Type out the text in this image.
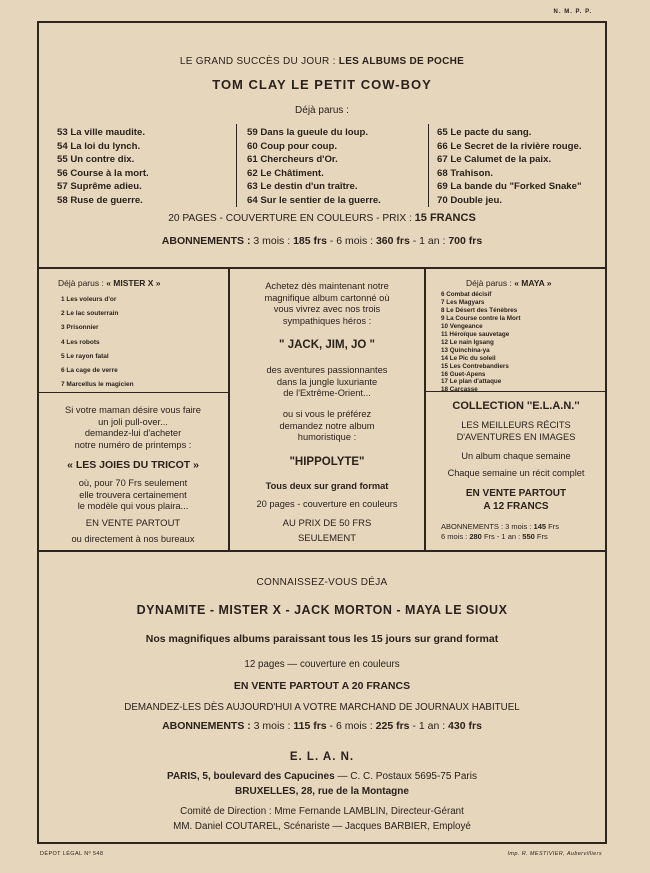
N. M. P. P.
LE GRAND SUCCÈS DU JOUR : LES ALBUMS DE POCHE
TOM CLAY LE PETIT COW-BOY
Déjà parus :
53 La ville maudite.
54 La loi du lynch.
55 Un contre dix.
56 Course à la mort.
57 Suprême adieu.
58 Ruse de guerre.
59 Dans la gueule du loup.
60 Coup pour coup.
61 Chercheurs d'Or.
62 Le Châtiment.
63 Le destin d'un traître.
64 Sur le sentier de la guerre.
65 Le pacte du sang.
66 Le Secret de la rivière rouge.
67 Le Calumet de la paix.
68 Trahison.
69 La bande du "Forked Snake"
70 Double jeu.
20 PAGES - COUVERTURE EN COULEURS - PRIX : 15 FRANCS
ABONNEMENTS : 3 mois : 185 frs - 6 mois : 360 frs - 1 an : 700 frs
Déjà parus : « MISTER X »
1 Les voleurs d'or
2 Le lac souterrain
3 Prisonnier
4 Les robots
5 Le rayon fatal
6 La cage de verre
7 Marcellus le magicien
Si votre maman désire vous faire
un joli pull-over...
demandez-lui d'acheter
notre numéro de printemps :
« LES JOIES DU TRICOT »
où, pour 70 Frs seulement
elle trouvera certainement
le modèle qui vous plaira...
EN VENTE PARTOUT
ou directement à nos bureaux
Achetez dès maintenant notre
magnifique album cartonné où
vous vivrez avec nos trois
sympathiques héros :
" JACK, JIM, JO "
des aventures passionnantes
dans la jungle luxuriante
de l'Extrême-Orient...
ou si vous le préférez
demandez notre album
humoristique :
"HIPPOLYTE"
Tous deux sur grand format
20 pages - couverture en couleurs
AU PRIX DE 50 FRS
SEULEMENT
Déjà parus : « MAYA »
6 Combat décisif
7 Les Magyars
8 Le Désert des Ténèbres
9 La Course contre la Mort
10 Vengeance
11 Héroïque sauvetage
12 Le nain Igsang
13 Quinchina-ya
14 Le Pic du soleil
15 Les Contrebandiers
16 Guet-Apens
17 Le plan d'attaque
18 Carcasse
COLLECTION ''E.L.A.N.''
LES MEILLEURS RÉCITS
D'AVENTURES EN IMAGES
Un album chaque semaine
Chaque semaine un récit complet
EN VENTE PARTOUT
A 12 FRANCS
ABONNEMENTS : 3 mois : 145 Frs
6 mois : 280 Frs - 1 an : 550 Frs
CONNAISSEZ-VOUS DÉJA
DYNAMITE - MISTER X - JACK MORTON - MAYA LE SIOUX
Nos magnifiques albums paraissant tous les 15 jours sur grand format
12 pages — couverture en couleurs
EN VENTE PARTOUT A 20 FRANCS
DEMANDEZ-LES DÈS AUJOURD'HUI A VOTRE MARCHAND DE JOURNAUX HABITUEL
ABONNEMENTS : 3 mois : 115 frs - 6 mois : 225 frs - 1 an : 430 frs
E. L. A. N.
PARIS, 5, boulevard des Capucines — C. C. Postaux 5695-75 Paris
BRUXELLES, 28, rue de la Montagne
Comité de Direction : Mme Fernande LAMBLIN, Directeur-Gérant
MM. Daniel COUTAREL, Scénariste — Jacques BARBIER, Employé
DÉPOT LÉGAL Nº 548	Imp. R. MESTIVIER, Aubervilliers
